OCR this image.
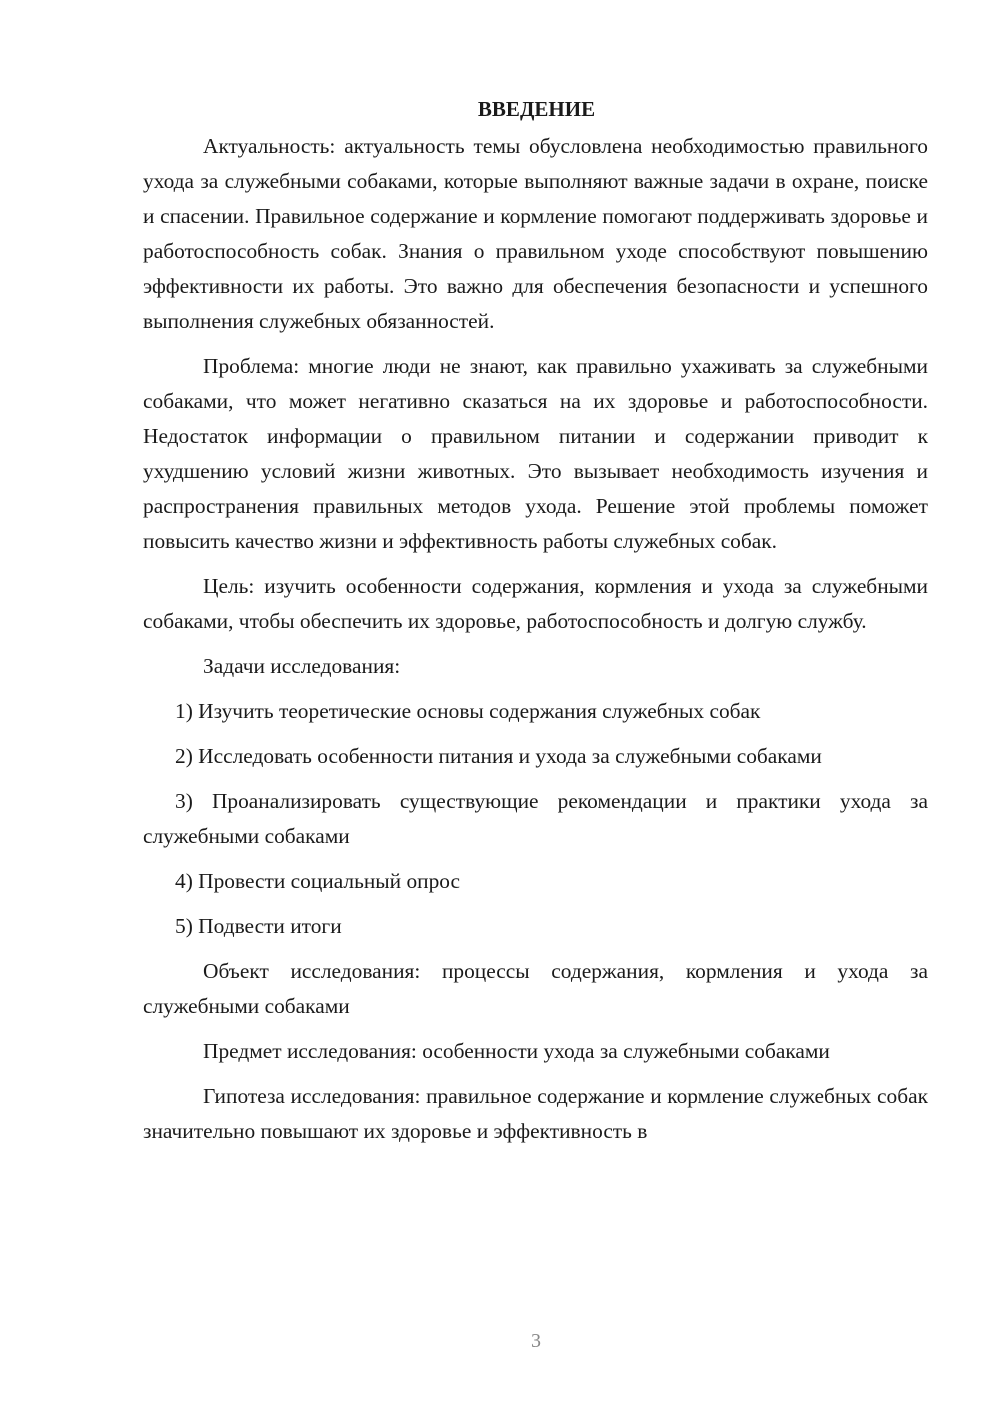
ВВЕДЕНИЕ

Актуальность: актуальность темы обусловлена необходимостью правильного ухода за служебными собаками, которые выполняют важные задачи в охране, поиске и спасении. Правильное содержание и кормление помогают поддерживать здоровье и работоспособность собак. Знания о правильном уходе способствуют повышению эффективности их работы. Это важно для обеспечения безопасности и успешного выполнения служебных обязанностей.

Проблема: многие люди не знают, как правильно ухаживать за служебными собаками, что может негативно сказаться на их здоровье и работоспособности. Недостаток информации о правильном питании и содержании приводит к ухудшению условий жизни животных. Это вызывает необходимость изучения и распространения правильных методов ухода. Решение этой проблемы поможет повысить качество жизни и эффективность работы служебных собак.

Цель: изучить особенности содержания, кормления и ухода за служебными собаками, чтобы обеспечить их здоровье, работоспособность и долгую службу.

Задачи исследования:

1) Изучить теоретические основы содержания служебных собак

2) Исследовать особенности питания и ухода за служебными собаками

3) Проанализировать существующие рекомендации и практики ухода за служебными собаками

4) Провести социальный опрос

5) Подвести итоги

Объект исследования: процессы содержания, кормления и ухода за служебными собаками

Предмет исследования: особенности ухода за служебными собаками

Гипотеза исследования: правильное содержание и кормление служебных собак значительно повышают их здоровье и эффективность в

3
